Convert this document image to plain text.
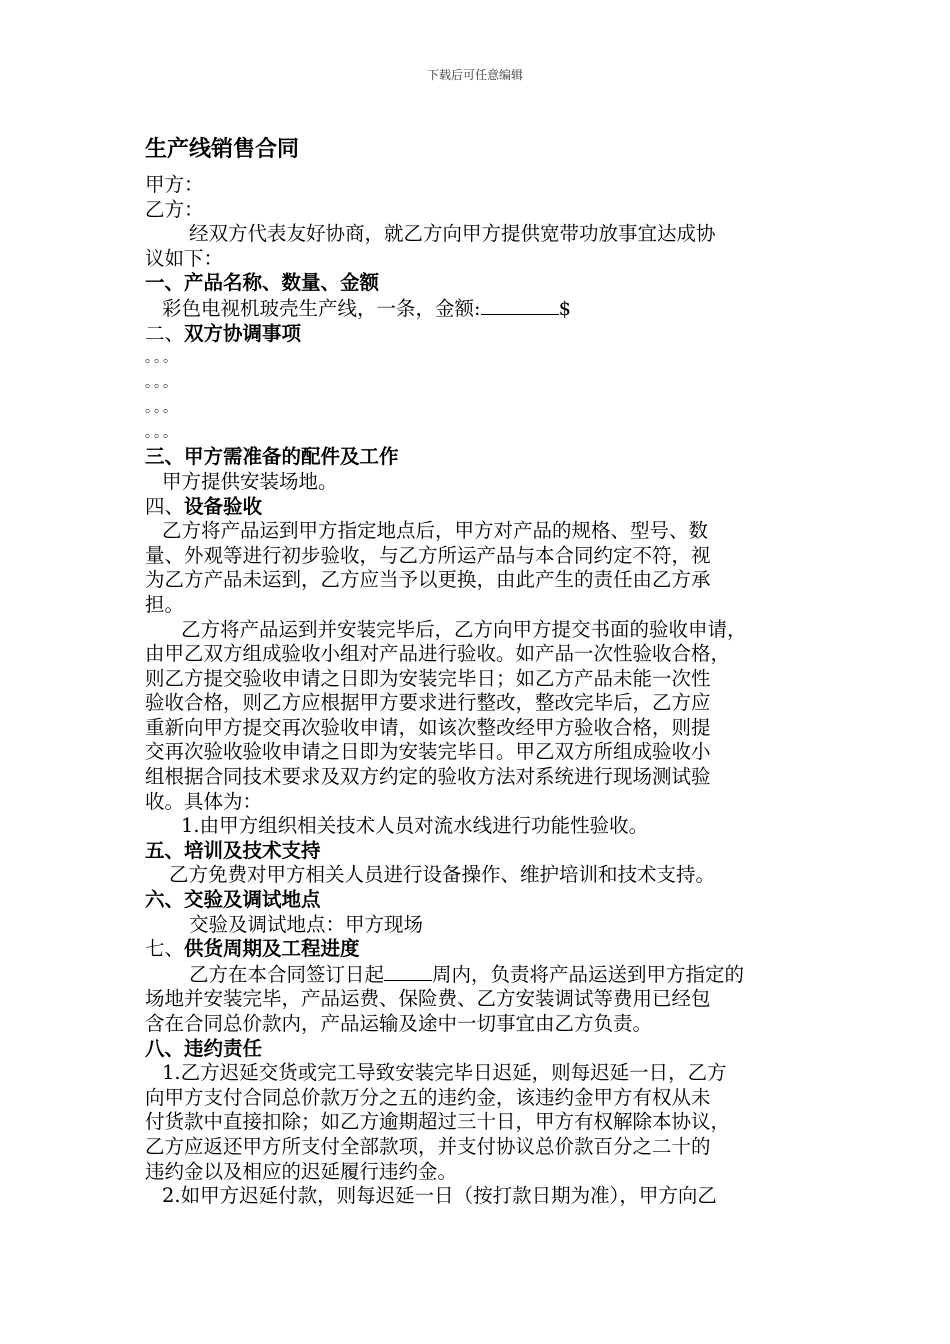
下载后可任意编辑
生产线销售合同
甲方：
乙方：
经双方代表友好协商，就乙方向甲方提供宽带功放事宜达成协
议如下：
一、产品名称、数量、金额
彩色电视机玻壳生产线，一条，金额:	$
二、双方协调事项
。。。
。。。
。。。
。。。
三、甲方需准备的配件及工作
甲方提供安装场地。
四、设备验收
乙方将产品运到甲方指定地点后，甲方对产品的规格、型号、数
量、外观等进行初步验收，与乙方所运产品与本合同约定不符，视
为乙方产品未运到，乙方应当予以更换，由此产生的责任由乙方承
担。
乙方将产品运到并安装完毕后，乙方向甲方提交书面的验收申请，
由甲乙双方组成验收小组对产品进行验收。如产品一次性验收合格，
则乙方提交验收申请之日即为安装完毕日；如乙方产品未能一次性
验收合格，则乙方应根据甲方要求进行整改，整改完毕后，乙方应
重新向甲方提交再次验收申请，如该次整改经甲方验收合格，则提
交再次验收验收申请之日即为安装完毕日。甲乙双方所组成验收小
组根据合同技术要求及双方约定的验收方法对系统进行现场测试验
收。具体为：
1.由甲方组织相关技术人员对流水线进行功能性验收。
五、培训及技术支持
乙方免费对甲方相关人员进行设备操作、维护培训和技术支持。
六、交验及调试地点
交验及调试地点：甲方现场
七、供货周期及工程进度
乙方在本合同签订日起 周内，负责将产品运送到甲方指定的
场地并安装完毕，产品运费、保险费、乙方安装调试等费用已经包
含在合同总价款内，产品运输及途中一切事宜由乙方负责。
八、违约责任
1.乙方迟延交货或完工导致安装完毕日迟延，则每迟延一日，乙方
向甲方支付合同总价款万分之五的违约金，该违约金甲方有权从未
付货款中直接扣除；如乙方逾期超过三十日，甲方有权解除本协议，
乙方应返还甲方所支付全部款项，并支付协议总价款百分之二十的
违约金以及相应的迟延履行违约金。
2.如甲方迟延付款，则每迟延一日（按打款日期为准），甲方向乙
